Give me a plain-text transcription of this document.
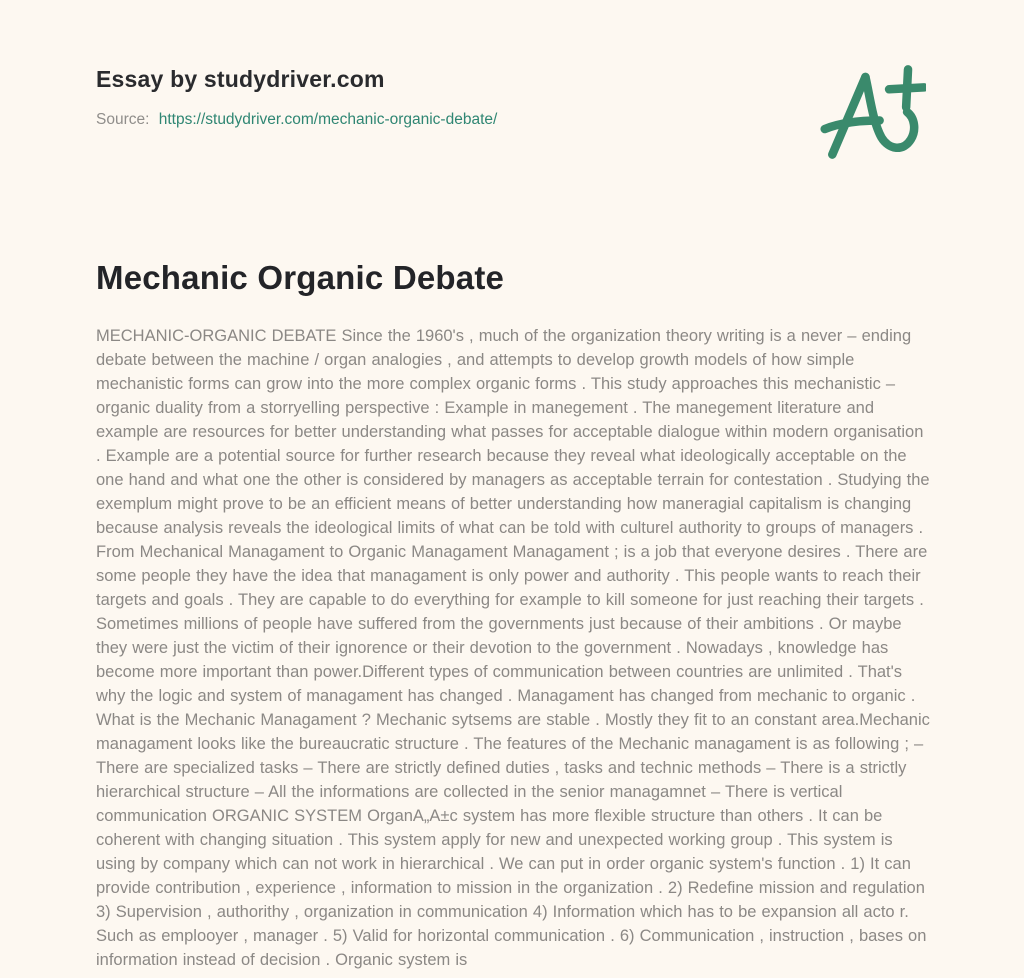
Essay by studydriver.com
Source: https://studydriver.com/mechanic-organic-debate/
Mechanic Organic Debate

MECHANIC-ORGANIC DEBATE Since the 1960's , much of the organization theory writing is a never – ending debate between the machine / organ analogies , and attempts to develop growth models of how simple mechanistic forms can grow into the more complex organic forms . This study approaches this mechanistic – organic duality from a storryelling perspective : Example in manegement . The manegement literature and example are resources for better understanding what passes for acceptable dialogue within modern organisation . Example are a potential source for further research because they reveal what ideologically acceptable on the one hand and what one the other is considered by managers as acceptable terrain for contestation . Studying the exemplum might prove to be an efficient means of better understanding how maneragial capitalism is changing because analysis reveals the ideological limits of what can be told with culturel authority to groups of managers . From Mechanical Managament to Organic Managament Managament ; is a job that everyone desires . There are some people they have the idea that managament is only power and authority . This people wants to reach their targets and goals . They are capable to do everything for example to kill someone for just reaching their targets . Sometimes millions of people have suffered from the governments just because of their ambitions . Or maybe they were just the victim of their ignorence or their devotion to the government . Nowadays , knowledge has become more important than power.Different types of communication between countries are unlimited . That's why the logic and system of managament has changed . Managament has changed from mechanic to organic . What is the Mechanic Managament ? Mechanic sytsems are stable . Mostly they fit to an constant area.Mechanic managament looks like the bureaucratic structure . The features of the Mechanic managament is as following ; – There are specialized tasks – There are strictly defined duties , tasks and technic methods – There is a strictly hierarchical structure – All the informations are collected in the senior managamnet – There is vertical communication ORGANIC SYSTEM OrganA„A±c system has more flexible structure than others . It can be coherent with changing situation . This system apply for new and unexpected working group . This system is using by company which can not work in hierarchical . We can put in order organic system's function . 1) It can provide contribution , experience , information to mission in the organization . 2) Redefine mission and regulation 3) Supervision , authorithy , organization in communication 4) Information which has to be expansion all acto r. Such as emplooyer , manager . 5) Valid for horizontal communication . 6) Communication , instruction , bases on information instead of decision . Organic system is
